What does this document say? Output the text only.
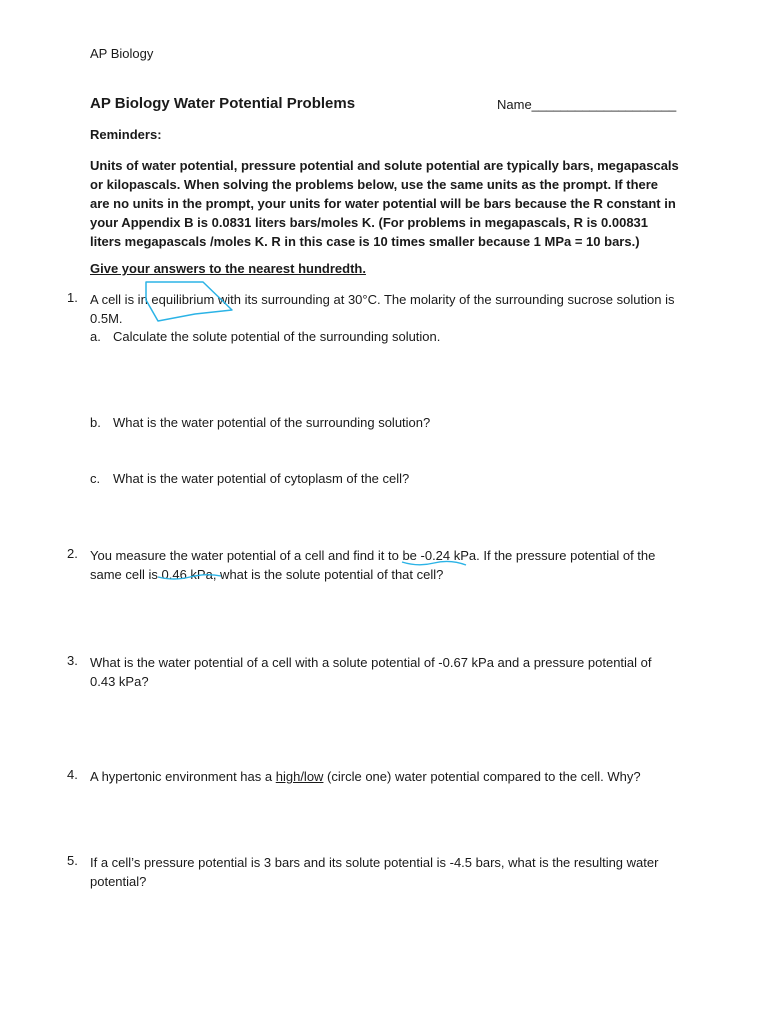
AP Biology
AP Biology Water Potential Problems	Name____________________
Reminders:
Units of water potential, pressure potential and solute potential are typically bars, megapascals or kilopascals. When solving the problems below, use the same units as the prompt. If there are no units in the prompt, your units for water potential will be bars because the R constant in your Appendix B is 0.0831 liters bars/moles K. (For problems in megapascals, R is 0.00831 liters megapascals /moles K. R in this case is 10 times smaller because 1 MPa = 10 bars.)
Give your answers to the nearest hundredth.
1. A cell is in equilibrium with its surrounding at 30°C. The molarity of the surrounding sucrose solution is 0.5M.
a. Calculate the solute potential of the surrounding solution.
b. What is the water potential of the surrounding solution?
c. What is the water potential of cytoplasm of the cell?
2. You measure the water potential of a cell and find it to be -0.24 kPa. If the pressure potential of the same cell is 0.46 kPa, what is the solute potential of that cell?
3. What is the water potential of a cell with a solute potential of -0.67 kPa and a pressure potential of 0.43 kPa?
4. A hypertonic environment has a high/low (circle one) water potential compared to the cell. Why?
5. If a cell’s pressure potential is 3 bars and its solute potential is -4.5 bars, what is the resulting water potential?
